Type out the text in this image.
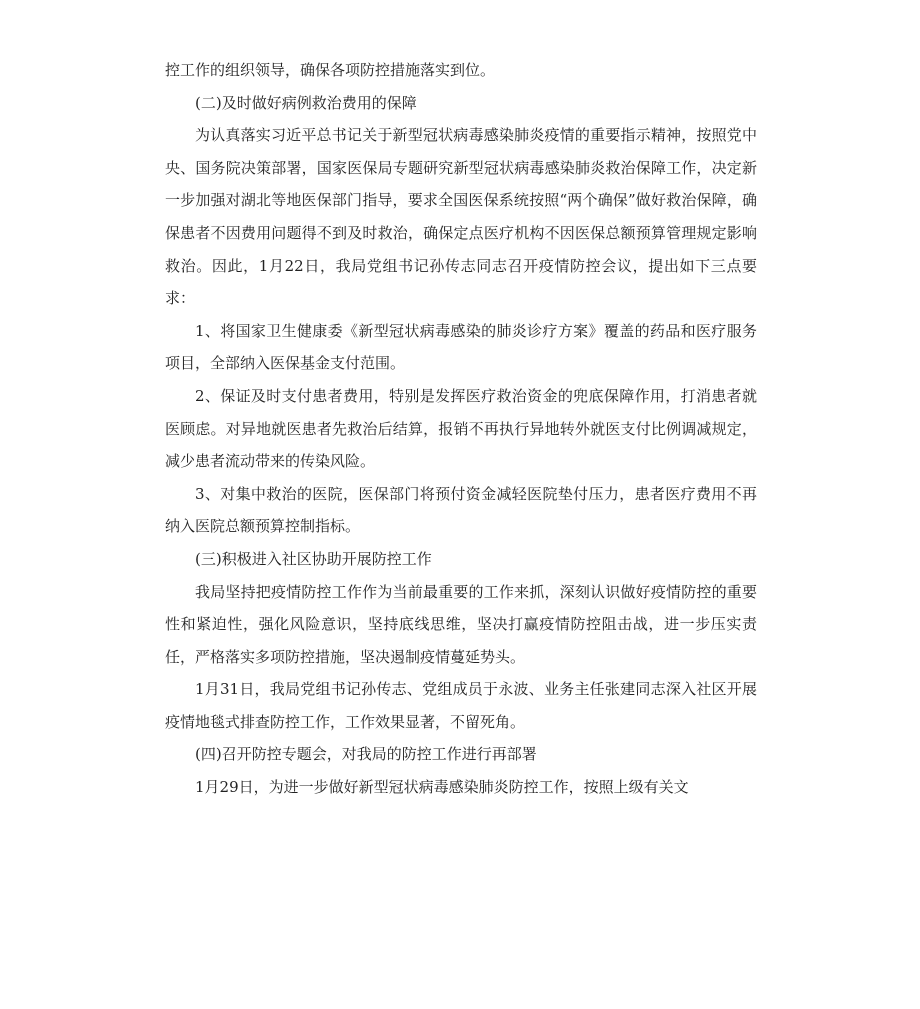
控工作的组织领导，确保各项防控措施落实到位。

(二)及时做好病例救治费用的保障

为认真落实习近平总书记关于新型冠状病毒感染肺炎疫情的重要指示精神，按照党中央、国务院决策部署，国家医保局专题研究新型冠状病毒感染肺炎救治保障工作，决定新一步加强对湖北等地医保部门指导，要求全国医保系统按照“两个确保”做好救治保障，确保患者不因费用问题得不到及时救治，确保定点医疗机构不因医保总额预算管理规定影响救治。因此，1月22日，我局党组书记孙传志同志召开疫情防控会议，提出如下三点要求：

1、将国家卫生健康委《新型冠状病毒感染的肺炎诊疗方案》覆盖的药品和医疗服务项目，全部纳入医保基金支付范围。

2、保证及时支付患者费用，特别是发挥医疗救治资金的兜底保障作用，打消患者就医顾虑。对异地就医患者先救治后结算，报销不再执行异地转外就医支付比例调减规定，减少患者流动带来的传染风险。

3、对集中救治的医院，医保部门将预付资金减轻医院垫付压力，患者医疗费用不再纳入医院总额预算控制指标。

(三)积极进入社区协助开展防控工作

我局坚持把疫情防控工作作为当前最重要的工作来抓，深刻认识做好疫情防控的重要性和紧迫性，强化风险意识，坚持底线思维，坚决打赢疫情防控阻击战，进一步压实责任，严格落实多项防控措施，坚决遏制疫情蔓延势头。

1月31日，我局党组书记孙传志、党组成员于永波、业务主任张建同志深入社区开展疫情地毯式排查防控工作，工作效果显著，不留死角。

(四)召开防控专题会，对我局的防控工作进行再部署

1月29日，为进一步做好新型冠状病毒感染肺炎防控工作，按照上级有关文
